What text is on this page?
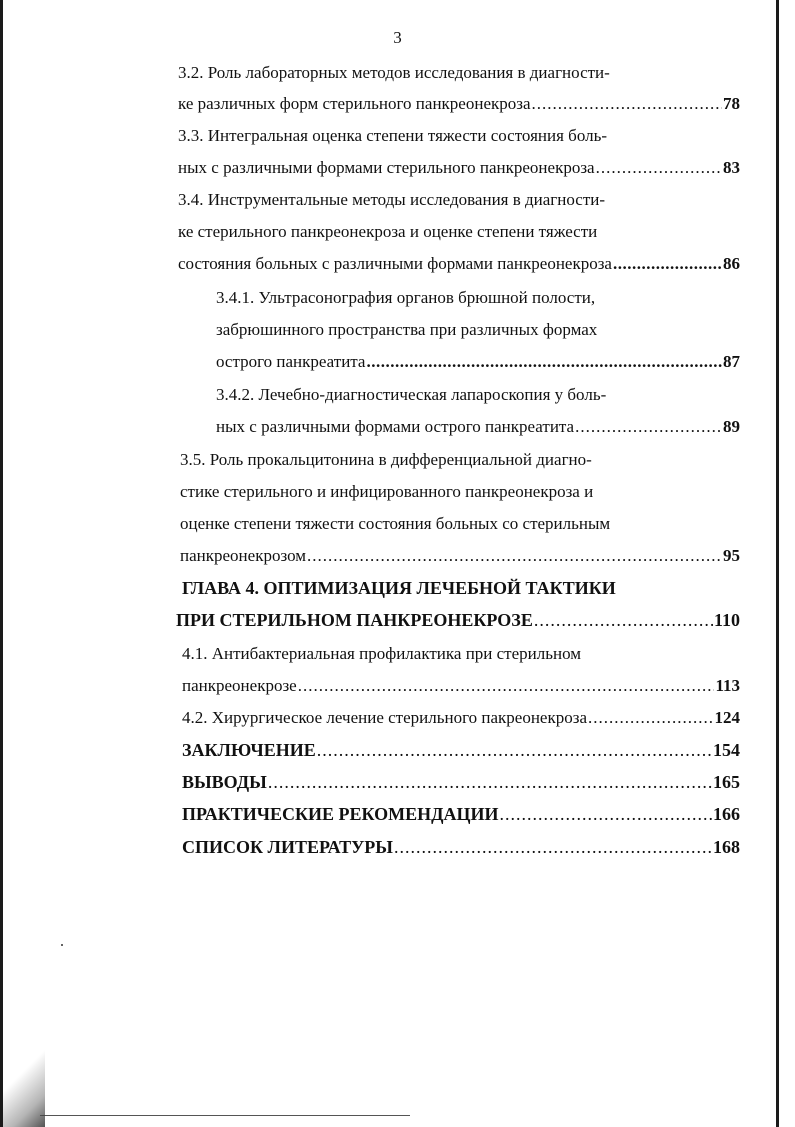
3
3.2. Роль лабораторных методов исследования в диагности-
ке различных форм стерильного панкреонекроза .....	78
3.3. Интегральная оценка степени тяжести состояния боль-
ных с различными формами стерильного панкреонекроза .....	83
3.4. Инструментальные методы исследования в диагности-
ке стерильного панкреонекроза и оценке степени тяжести
состояния больных с различными формами панкреонекроза .....	86
3.4.1. Ультрасонография органов брюшной полости,
забрюшинного пространства при различных формах
острого панкреатита .....	87
3.4.2. Лечебно-диагностическая лапароскопия у боль-
ных с различными формами острого панкреатита .....	89
3.5. Роль прокальцитонина в дифференциальной диагно-
стике стерильного и инфицированного панкреонекроза и
оценке степени тяжести состояния больных со стерильным
панкреонекрозом .....	95
ГЛАВА 4. ОПТИМИЗАЦИЯ ЛЕЧЕБНОЙ ТАКТИКИ
ПРИ СТЕРИЛЬНОМ ПАНКРЕОНЕКРОЗЕ .....	110
4.1. Антибактериальная профилактика при стерильном
панкреонекрозе .....	113
4.2. Хирургическое лечение стерильного пакреонекроза .....	124
ЗАКЛЮЧЕНИЕ .....	154
ВЫВОДЫ .....	165
ПРАКТИЧЕСКИЕ РЕКОМЕНДАЦИИ .....	166
СПИСОК ЛИТЕРАТУРЫ .....	168
